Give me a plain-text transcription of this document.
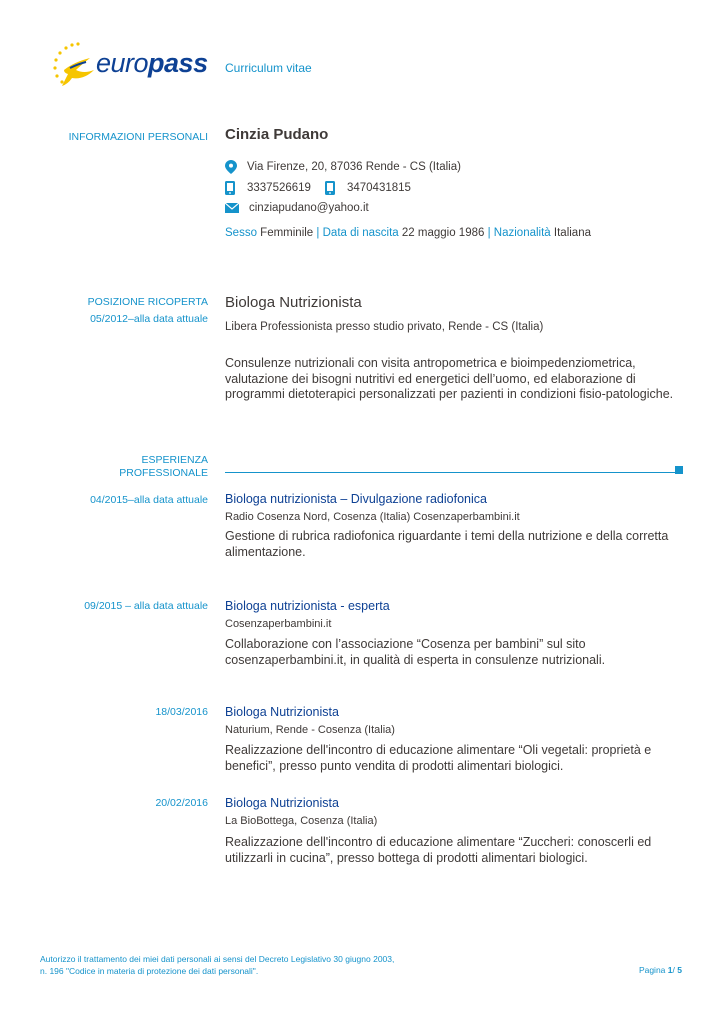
europass Curriculum vitae
INFORMAZIONI PERSONALI Cinzia Pudano
Via Firenze, 20, 87036 Rende - CS (Italia)
3337526619	3470431815
cinziapudano@yahoo.it
Sesso
Femminile
|
Data di nascita
22 maggio 1986
|
Nazionalità
Italiana
POSIZIONE RICOPERTA
05/2012–alla data attuale
Biologa Nutrizionista
Libera Professionista presso studio privato, Rende - CS (Italia)
Consulenze nutrizionali con visita antropometrica e bioimpedenziometrica,
valutazione dei bisogni nutritivi ed energetici dell’uomo, ed elaborazione di
programmi dietoterapici personalizzati per pazienti in condizioni fisio-patologiche.
ESPERIENZA
PROFESSIONALE
04/2015–alla data attuale Biologa nutrizionista – Divulgazione radiofonica
Radio Cosenza Nord, Cosenza (Italia) Cosenzaperbambini.it
Gestione di rubrica radiofonica riguardante i temi della nutrizione e della corretta
alimentazione.
09/2015 – alla data attuale Biologa nutrizionista - esperta
Cosenzaperbambini.it
Collaborazione con l’associazione “Cosenza per bambini” sul sito
cosenzaperbambini.it, in qualità di esperta in consulenze nutrizionali.
18/03/2016 Biologa Nutrizionista
Naturium, Rende - Cosenza (Italia)
Realizzazione dell'incontro di educazione alimentare “Oli vegetali: proprietà e
benefici”, presso punto vendita di prodotti alimentari biologici.
20/02/2016 Biologa Nutrizionista
La BioBottega, Cosenza (Italia)
Realizzazione dell'incontro di educazione alimentare “Zuccheri: conoscerli ed
utilizzarli in cucina”, presso bottega di prodotti alimentari biologici.
Autorizzo il trattamento dei miei dati personali ai sensi del Decreto Legislativo 30 giugno 2003,
n. 196 "Codice in materia di protezione dei dati personali".	Pagina 1/ 5
